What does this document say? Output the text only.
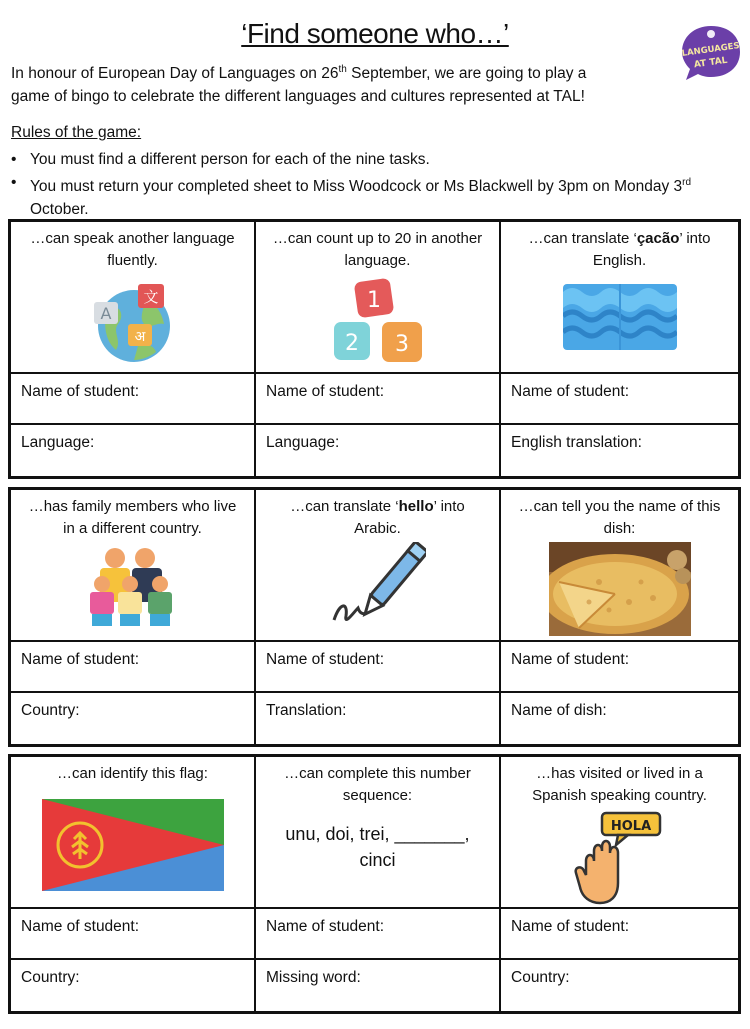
‘Find someone who…’
LANGUAGES
AT TAL
In honour of European Day of Languages on 26th September, we are going to play a
game of bingo to celebrate the different languages and cultures represented at TAL!
Rules of the game:
• You must find a different person for each of the nine tasks.
• You must return your completed sheet to Miss Woodcock or Ms Blackwell by 3pm on Monday 3rd October.
…can speak another language fluently.
A
文
अ
…can count up to 20 in another language.
1
2 3
…can translate ‘çacão’ into English.
Name of student:	Name of student:	Name of student:
Language:	Language:	English translation:
…has family members who live in a different country.
…can translate ‘hello’ into Arabic.
…can tell you the name of this dish:
Name of student:	Name of student:	Name of student:
Country:	Translation:	Name of dish:
…can identify this flag:	…can complete this number sequence:
unu, doi, trei, _______, cinci
…has visited or lived in a Spanish speaking country.
HOLA
Name of student:	Name of student:	Name of student:
Country:	Missing word:	Country:
